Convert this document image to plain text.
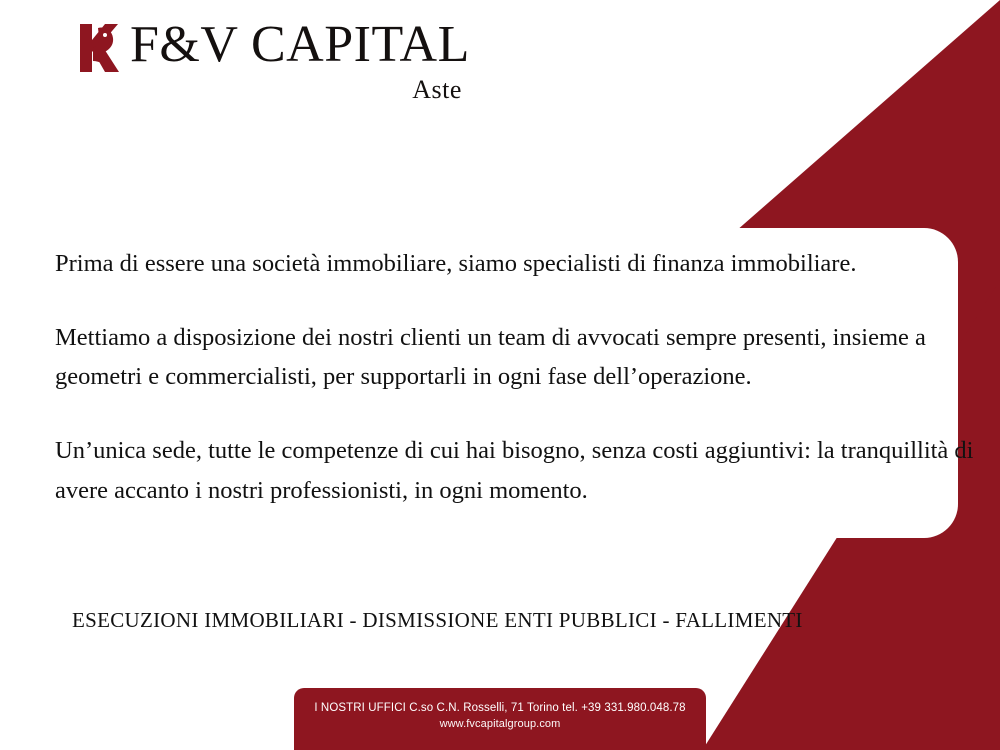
F&V CAPITAL
Aste

Prima di essere una società immobiliare, siamo specialisti di finanza immobiliare.

Mettiamo a disposizione dei nostri clienti un team di avvocati sempre presenti, insieme a geometri e commercialisti, per supportarli in ogni fase dell’operazione.

Un’unica sede, tutte le competenze di cui hai bisogno, senza costi aggiuntivi: la tranquillità di avere accanto i nostri professionisti, in ogni momento.

ESECUZIONI IMMOBILIARI - DISMISSIONE ENTI PUBBLICI - FALLIMENTI
I NOSTRI UFFICI C.so C.N. Rosselli, 71 Torino tel. +39 331.980.048.78
www.fvcapitalgroup.com
